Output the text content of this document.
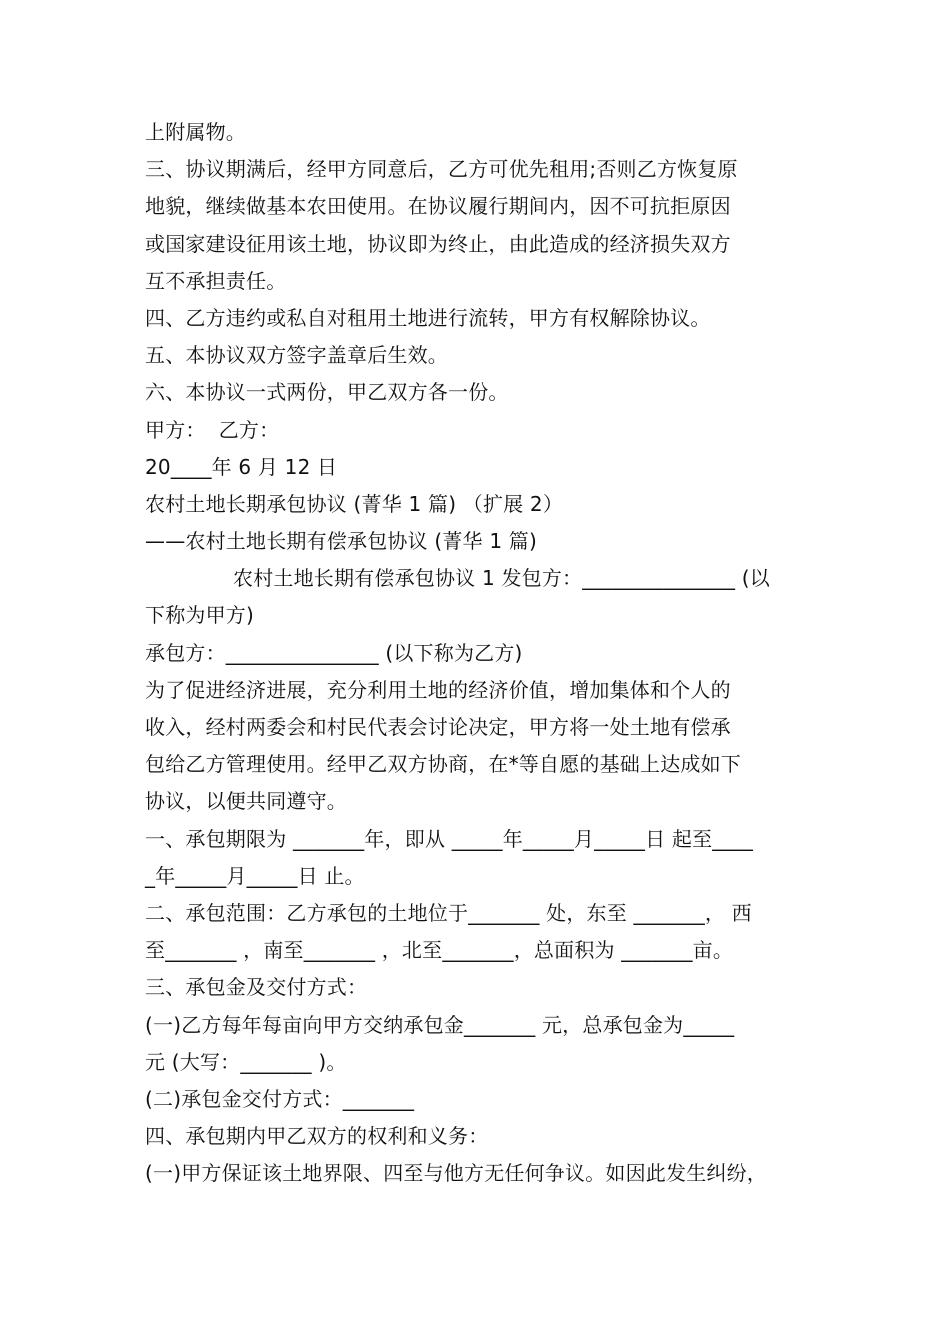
上附属物。
三、协议期满后，经甲方同意后，乙方可优先租用;否则乙方恢复原
地貌，继续做基本农田使用。在协议履行期间内，因不可抗拒原因
或国家建设征用该土地，协议即为终止，由此造成的经济损失双方
互不承担责任。
四、乙方违约或私自对租用土地进行流转，甲方有权解除协议。
五、本协议双方签字盖章后生效。
六、本协议一式两份，甲乙双方各一份。
甲方：  乙方：
20____年 6 月 12 日
农村土地长期承包协议 (菁华 1 篇) （扩展 2）
——农村土地长期有偿承包协议 (菁华 1 篇)
农村土地长期有偿承包协议 1 发包方：_______________ (以
下称为甲方)
承包方：_______________ (以下称为乙方)
为了促进经济进展，充分利用土地的经济价值，增加集体和个人的
收入，经村两委会和村民代表会讨论决定，甲方将一处土地有偿承
包给乙方管理使用。经甲乙双方协商，在*等自愿的基础上达成如下
协议，以便共同遵守。
一、承包期限为 _______年，即从 _____年_____月_____日 起至____
_年_____月_____日 止。
二、承包范围：乙方承包的土地位于_______ 处，东至 _______， 西
至_______ ，南至_______ ，北至_______，总面积为 _______亩。
三、承包金及交付方式：
(一)乙方每年每亩向甲方交纳承包金_______ 元，总承包金为_____
元 (大写：_______ )。
(二)承包金交付方式：_______
四、承包期内甲乙双方的权利和义务：
(一)甲方保证该土地界限、四至与他方无任何争议。如因此发生纠纷，
